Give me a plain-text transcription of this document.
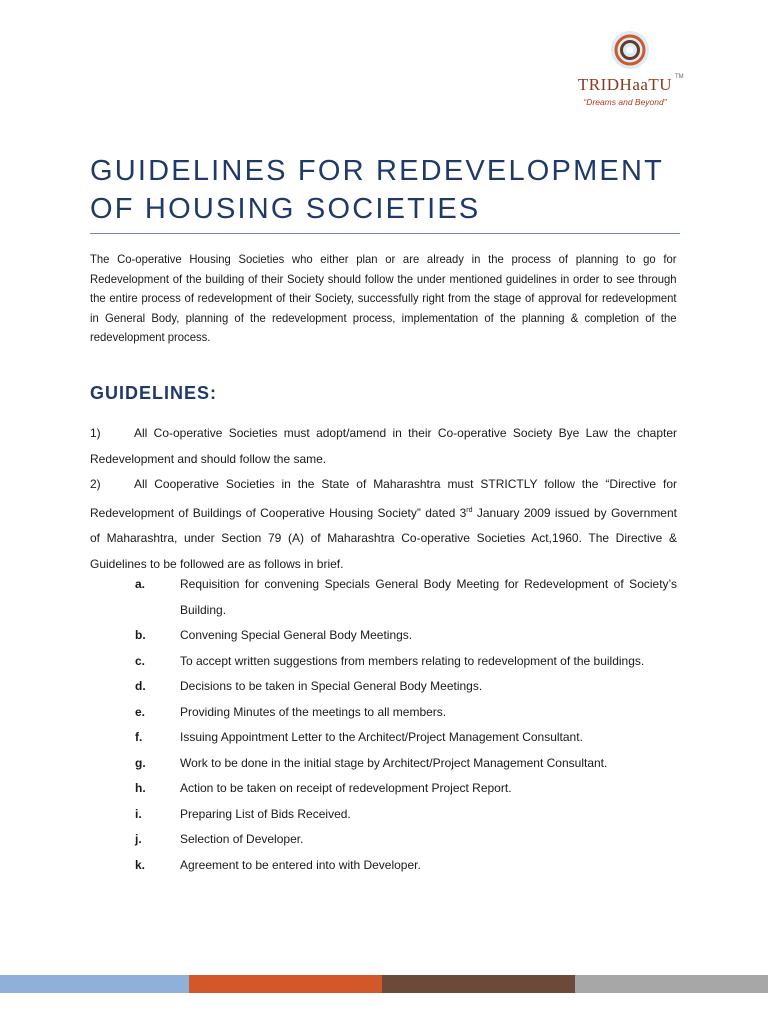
TRIDHaaTU TM
“Dreams and Beyond”
GUIDELINES FOR REDEVELOPMENT
OF HOUSING SOCIETIES

The Co-operative Housing Societies who either plan or are already in the process of planning to go for Redevelopment of the building of their Society should follow the under mentioned guidelines in order to see through the entire process of redevelopment of their Society, successfully right from the stage of approval for redevelopment in General Body, planning of the redevelopment process, implementation of the planning & completion of the redevelopment process.

GUIDELINES:

1)	All Co-operative Societies must adopt/amend in their Co-operative Society Bye Law the chapter Redevelopment and should follow the same.

2)	All Cooperative Societies in the State of Maharashtra must STRICTLY follow the “Directive for Redevelopment of Buildings of Cooperative Housing Society” dated 3rd January 2009 issued by Government of Maharashtra, under Section 79 (A) of Maharashtra Co-operative Societies Act,1960. The Directive & Guidelines to be followed are as follows in brief.

a.	Requisition for convening Specials General Body Meeting for Redevelopment of Society’s Building.
b.	Convening Special General Body Meetings.
c.	To accept written suggestions from members relating to redevelopment of the buildings.
d.	Decisions to be taken in Special General Body Meetings.
e.	Providing Minutes of the meetings to all members.
f.	Issuing Appointment Letter to the Architect/Project Management Consultant.
g.	Work to be done in the initial stage by Architect/Project Management Consultant.
h.	Action to be taken on receipt of redevelopment Project Report.
i.	Preparing List of Bids Received.
j.	Selection of Developer.
k.	Agreement to be entered into with Developer.
